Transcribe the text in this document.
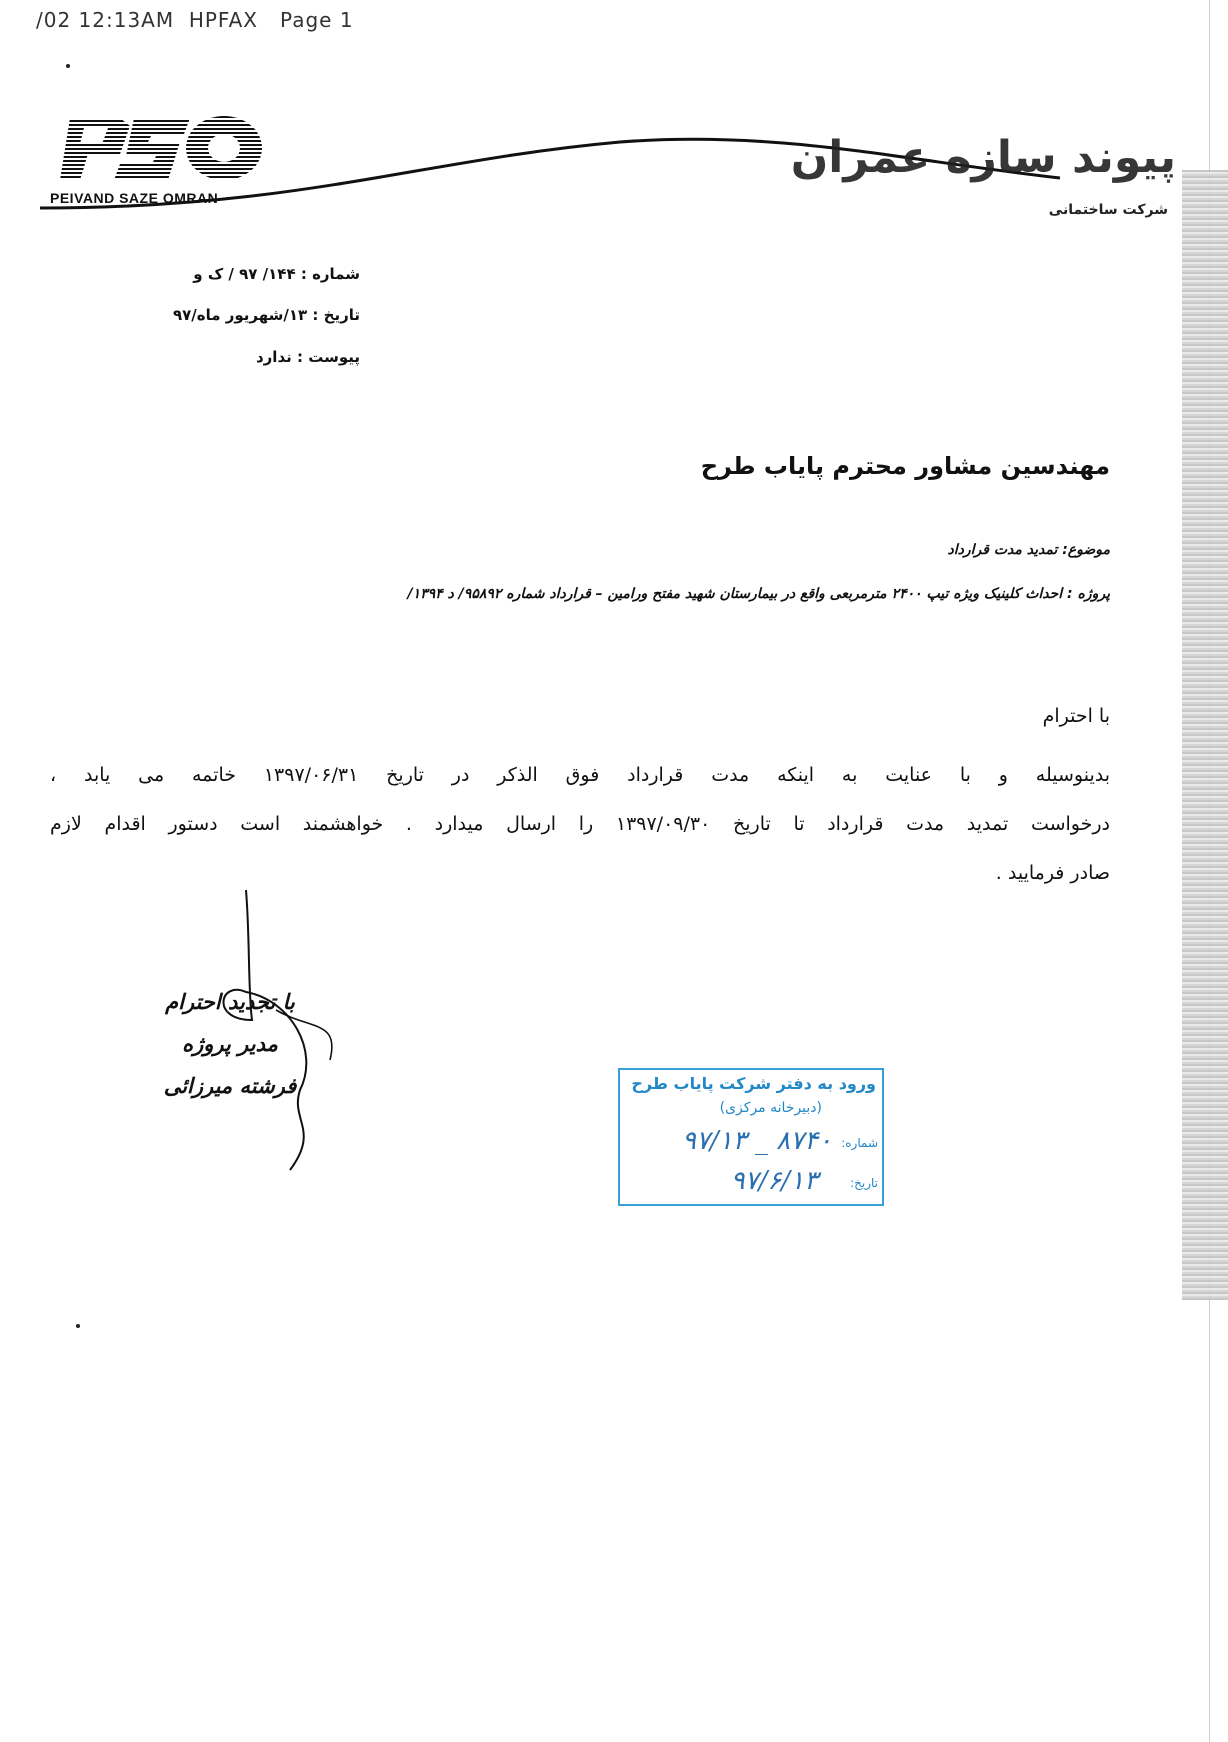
/02 12:13AM  HPFAX   Page 1
PEIVAND SAZE OMRAN
پیوند سازه عمران
شرکت ساختمانی
شماره : ۱۴۴/ ۹۷ / ک و
تاریخ : ۱۳/شهریور ماه/۹۷
پیوست : ندارد
مهندسین مشاور محترم پایاب طرح
موضوع: تمدید مدت قرارداد
پروژه : احداث کلینیک ویژه تیپ ۲۴۰۰ مترمربعی واقع در بیمارستان شهید مفتح ورامین – قرارداد شماره ۹۵۸۹۲/ د ۱۳۹۴/
با احترام
بدینوسیله و با عنایت به اینکه مدت قرارداد فوق الذکر در تاریخ ۱۳۹۷/۰۶/۳۱ خاتمه می یابد ،
درخواست تمدید مدت قرارداد تا تاریخ ۱۳۹۷/۰۹/۳۰ را ارسال میدارد . خواهشمند است دستور اقدام لازم
صادر فرمایید .
با تجدید احترام
مدیر پروژه
فرشته میرزائی	ورود به دفتر شرکت پایاب طرح
(دبیرخانه مرکزی)
شماره:
۸۷۴۰ _ ۹۷/۱۳
تاریخ:
۹۷/۶/۱۳
